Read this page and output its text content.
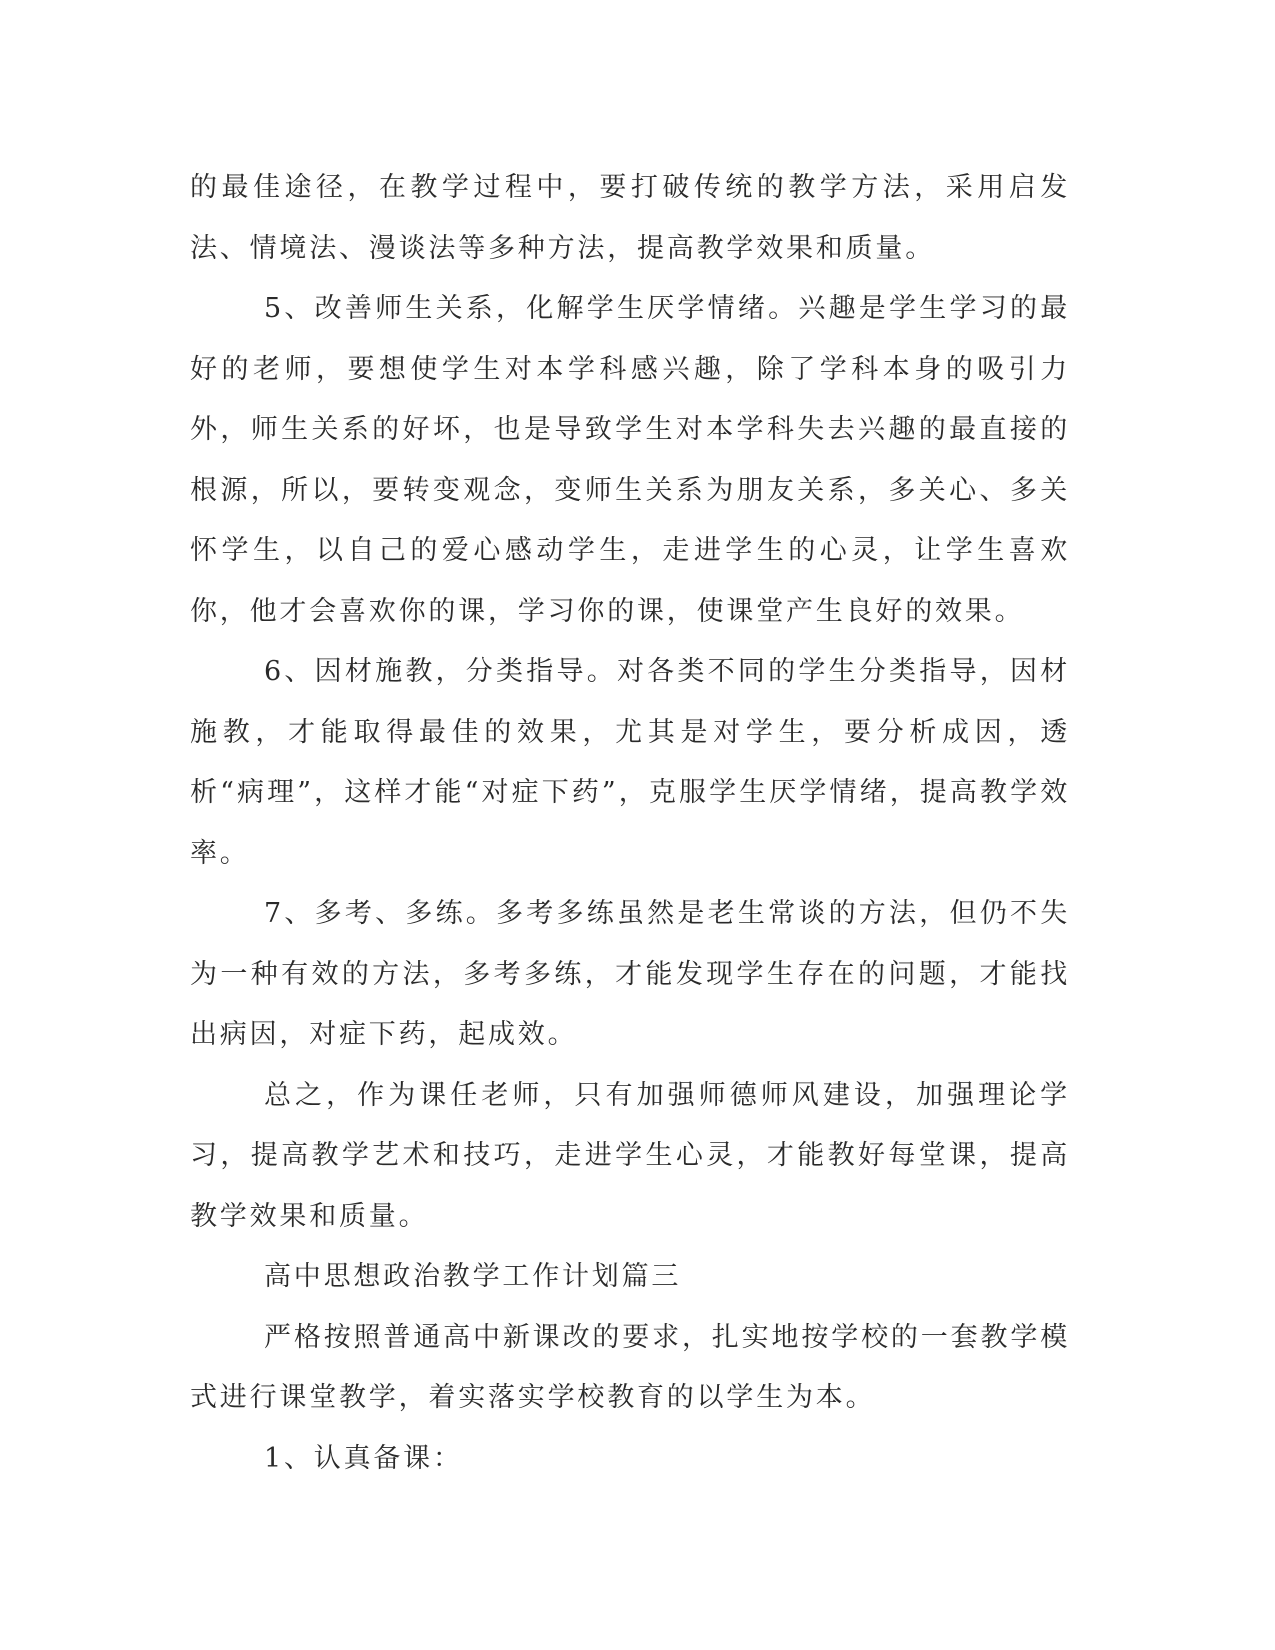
的最佳途径，在教学过程中，要打破传统的教学方法，采用启发法、情境法、漫谈法等多种方法，提高教学效果和质量。

5、改善师生关系，化解学生厌学情绪。兴趣是学生学习的最好的老师，要想使学生对本学科感兴趣，除了学科本身的吸引力外，师生关系的好坏，也是导致学生对本学科失去兴趣的最直接的根源，所以，要转变观念，变师生关系为朋友关系，多关心、多关怀学生，以自己的爱心感动学生，走进学生的心灵，让学生喜欢你，他才会喜欢你的课，学习你的课，使课堂产生良好的效果。

6、因材施教，分类指导。对各类不同的学生分类指导，因材施教，才能取得最佳的效果，尤其是对学生，要分析成因，透析“病理”，这样才能“对症下药”，克服学生厌学情绪，提高教学效率。

7、多考、多练。多考多练虽然是老生常谈的方法，但仍不失为一种有效的方法，多考多练，才能发现学生存在的问题，才能找出病因，对症下药，起成效。

总之，作为课任老师，只有加强师德师风建设，加强理论学习，提高教学艺术和技巧，走进学生心灵，才能教好每堂课，提高教学效果和质量。

高中思想政治教学工作计划篇三

严格按照普通高中新课改的要求，扎实地按学校的一套教学模式进行课堂教学，着实落实学校教育的以学生为本。

1、认真备课：
